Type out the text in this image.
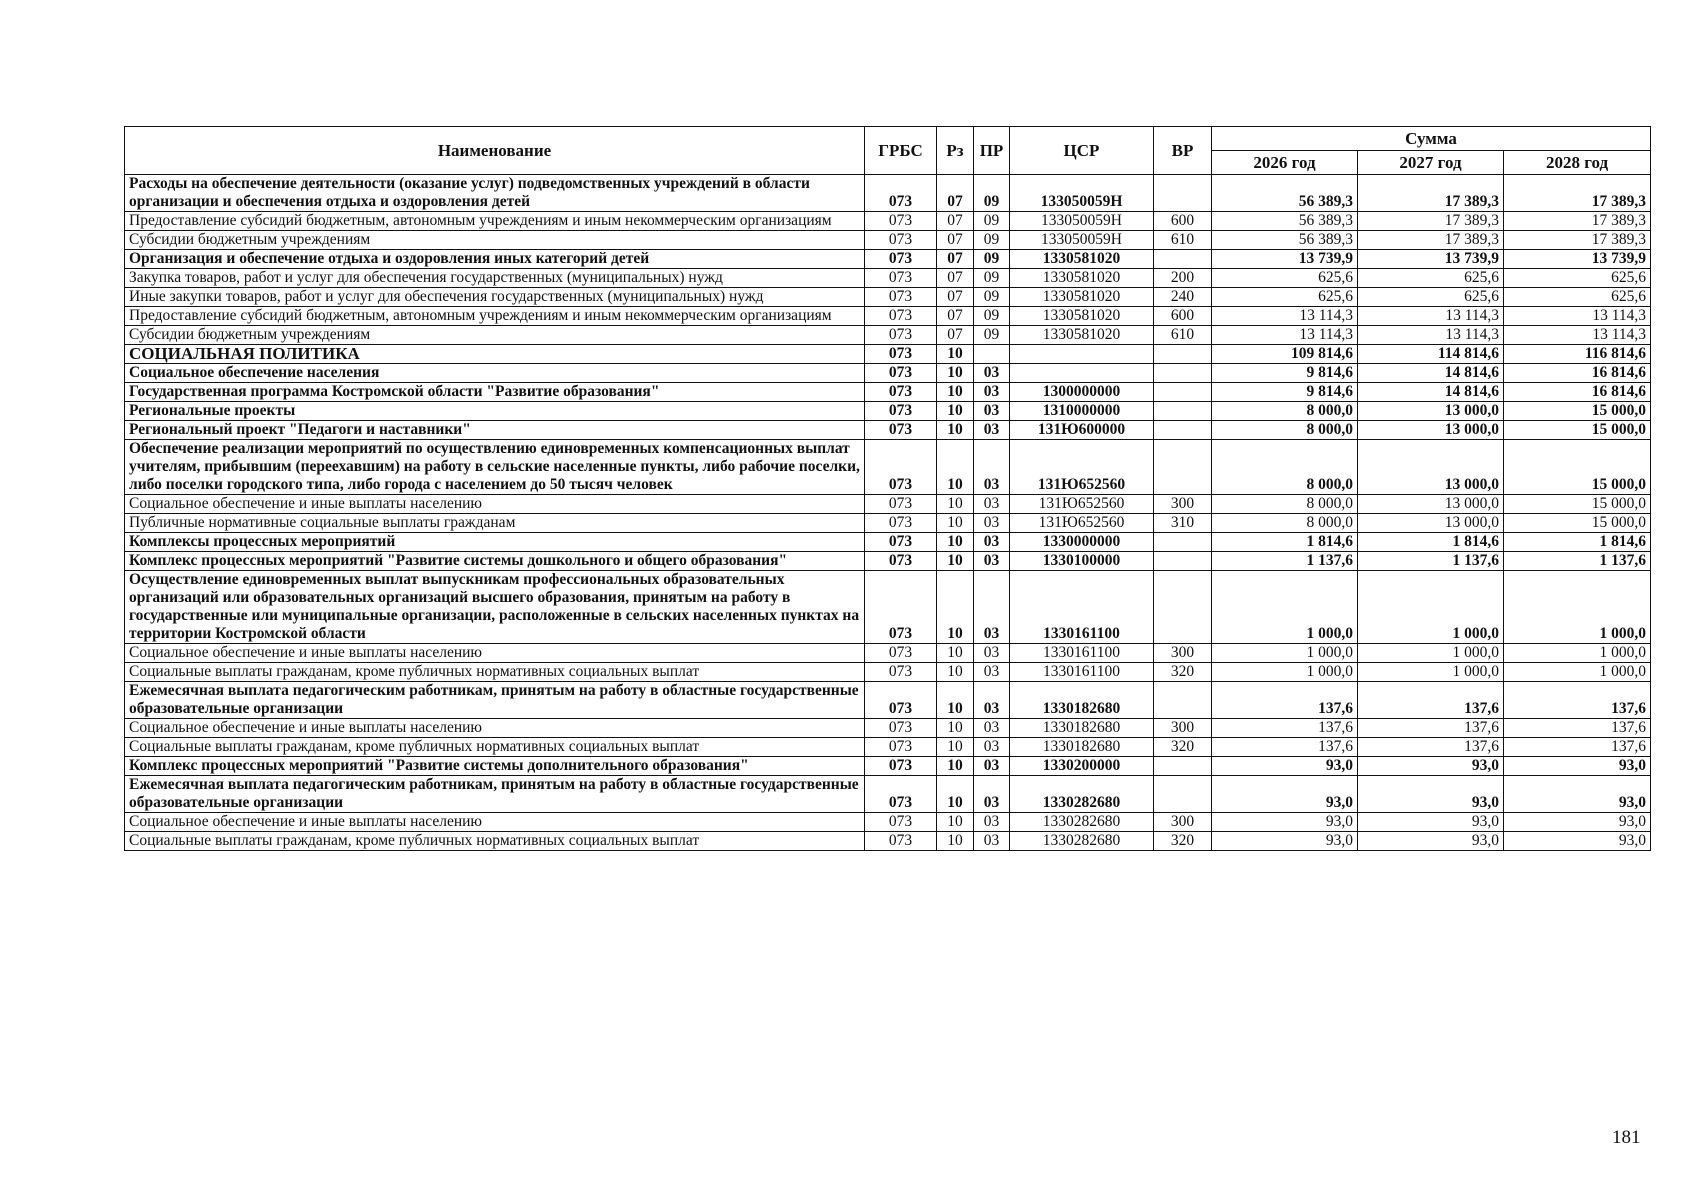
Наименование	ГРБС	Рз	ПР	ЦСР	ВР	Сумма		
						2026 год	2027 год	2028 год
Расходы на обеспечение деятельности (оказание услуг) подведомственных учреждений в области организации и обеспечения отдыха и оздоровления детей	073	07	09	133050059Н		56 389,3	17 389,3	17 389,3
Предоставление субсидий бюджетным, автономным учреждениям и иным некоммерческим организациям	073	07	09	133050059Н	600	56 389,3	17 389,3	17 389,3
Субсидии бюджетным учреждениям	073	07	09	133050059Н	610	56 389,3	17 389,3	17 389,3
Организация и обеспечение отдыха и оздоровления иных категорий детей	073	07	09	1330581020		13 739,9	13 739,9	13 739,9
Закупка товаров, работ и услуг для обеспечения государственных (муниципальных) нужд	073	07	09	1330581020	200	625,6	625,6	625,6
Иные закупки товаров, работ и услуг для обеспечения государственных (муниципальных) нужд	073	07	09	1330581020	240	625,6	625,6	625,6
Предоставление субсидий бюджетным, автономным учреждениям и иным некоммерческим организациям	073	07	09	1330581020	600	13 114,3	13 114,3	13 114,3
Субсидии бюджетным учреждениям	073	07	09	1330581020	610	13 114,3	13 114,3	13 114,3
СОЦИАЛЬНАЯ ПОЛИТИКА	073	10				109 814,6	114 814,6	116 814,6
Социальное обеспечение населения	073	10	03			9 814,6	14 814,6	16 814,6
Государственная программа Костромской области "Развитие образования"	073	10	03	1300000000		9 814,6	14 814,6	16 814,6
Региональные проекты	073	10	03	1310000000		8 000,0	13 000,0	15 000,0
Региональный проект "Педагоги и наставники"	073	10	03	131Ю600000		8 000,0	13 000,0	15 000,0
Обеспечение реализации мероприятий по осуществлению единовременных компенсационных выплат учителям, прибывшим (переехавшим) на работу в сельские населенные пункты, либо рабочие поселки, либо поселки городского типа, либо города с населением до 50 тысяч человек	073	10	03	131Ю652560		8 000,0	13 000,0	15 000,0
Социальное обеспечение и иные выплаты населению	073	10	03	131Ю652560	300	8 000,0	13 000,0	15 000,0
Публичные нормативные социальные выплаты гражданам	073	10	03	131Ю652560	310	8 000,0	13 000,0	15 000,0
Комплексы процессных мероприятий	073	10	03	1330000000		1 814,6	1 814,6	1 814,6
Комплекс процессных мероприятий "Развитие системы дошкольного и общего образования"	073	10	03	1330100000		1 137,6	1 137,6	1 137,6
Осуществление единовременных выплат выпускникам профессиональных образовательных организаций или образовательных организаций высшего образования, принятым на работу в государственные или муниципальные организации, расположенные в сельских населенных пунктах на территории Костромской области	073	10	03	1330161100		1 000,0	1 000,0	1 000,0
Социальное обеспечение и иные выплаты населению	073	10	03	1330161100	300	1 000,0	1 000,0	1 000,0
Социальные выплаты гражданам, кроме публичных нормативных социальных выплат	073	10	03	1330161100	320	1 000,0	1 000,0	1 000,0
Ежемесячная выплата педагогическим работникам, принятым на работу в областные государственные образовательные организации	073	10	03	1330182680		137,6	137,6	137,6
Социальное обеспечение и иные выплаты населению	073	10	03	1330182680	300	137,6	137,6	137,6
Социальные выплаты гражданам, кроме публичных нормативных социальных выплат	073	10	03	1330182680	320	137,6	137,6	137,6
Комплекс процессных мероприятий "Развитие системы дополнительного образования"	073	10	03	1330200000		93,0	93,0	93,0
Ежемесячная выплата педагогическим работникам, принятым на работу в областные государственные образовательные организации	073	10	03	1330282680		93,0	93,0	93,0
Социальное обеспечение и иные выплаты населению	073	10	03	1330282680	300	93,0	93,0	93,0
Социальные выплаты гражданам, кроме публичных нормативных социальных выплат	073	10	03	1330282680	320	93,0	93,0	93,0
181
